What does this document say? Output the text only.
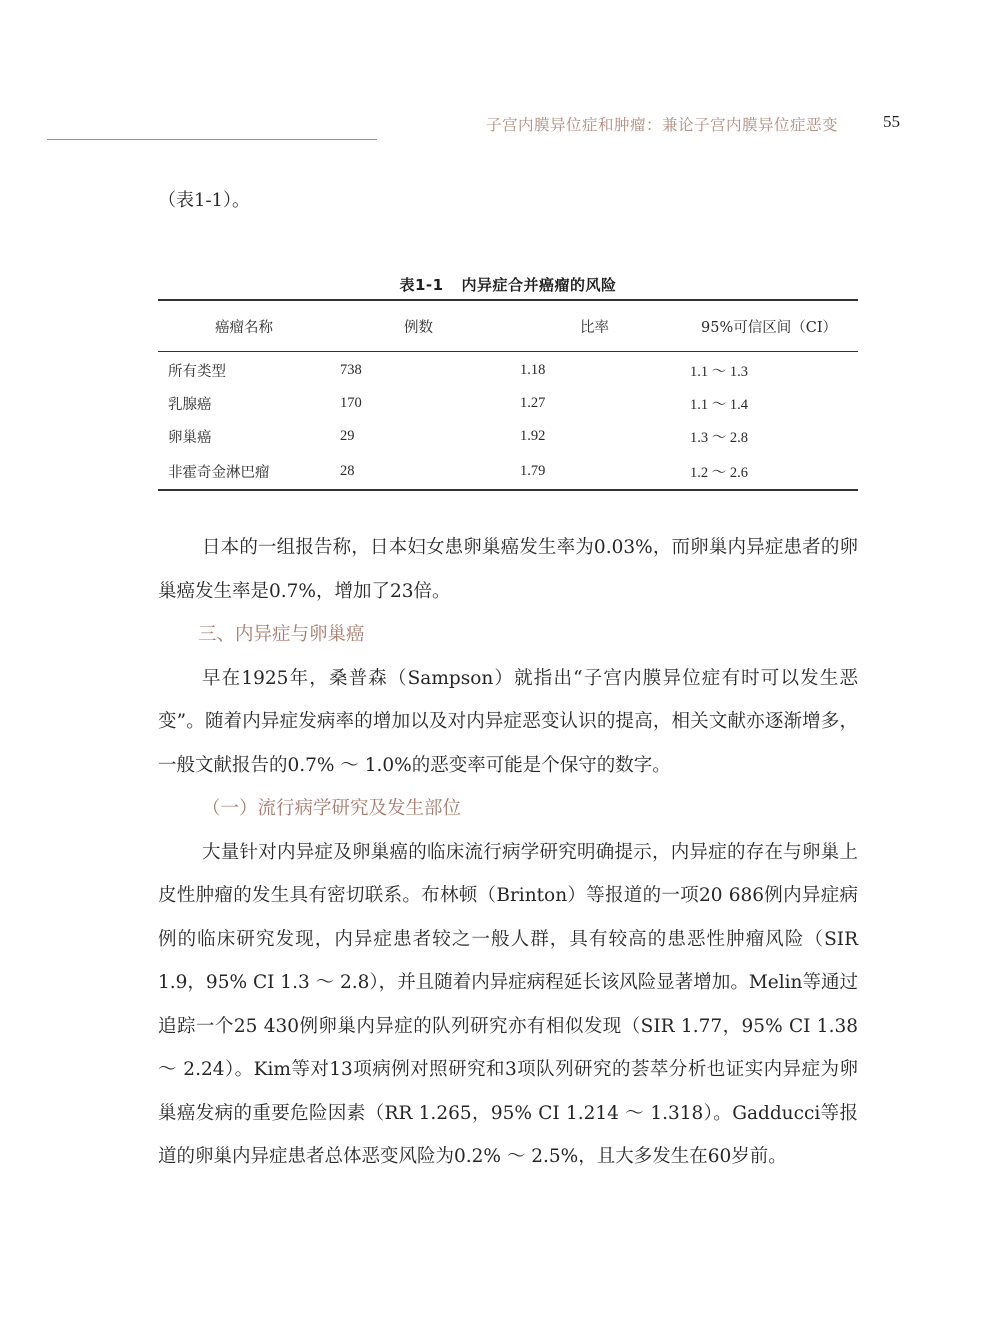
子宫内膜异位症和肿瘤：兼论子宫内膜异位症恶变	55
（表1-1）。
表1-1 内异症合并癌瘤的风险
癌瘤名称	例数	比率	95%可信区间（CI）
所有类型	738	1.18	1.1 ～ 1.3
乳腺癌	170	1.27	1.1 ～ 1.4
卵巢癌	29	1.92	1.3 ～ 2.8
非霍奇金淋巴瘤	28	1.79	1.2 ～ 2.6

日本的一组报告称，日本妇女患卵巢癌发生率为0.03%，而卵巢内异症患者的卵巢癌发生率是0.7%，增加了23倍。

三、内异症与卵巢癌

早在1925年，桑普森（Sampson）就指出“子宫内膜异位症有时可以发生恶变”。随着内异症发病率的增加以及对内异症恶变认识的提高，相关文献亦逐渐增多，一般文献报告的0.7% ～ 1.0%的恶变率可能是个保守的数字。

（一）流行病学研究及发生部位

大量针对内异症及卵巢癌的临床流行病学研究明确提示，内异症的存在与卵巢上皮性肿瘤的发生具有密切联系。布林顿（Brinton）等报道的一项20 686例内异症病例的临床研究发现，内异症患者较之一般人群，具有较高的患恶性肿瘤风险（SIR 1.9，95% CI 1.3 ～ 2.8），并且随着内异症病程延长该风险显著增加。Melin等通过追踪一个25 430例卵巢内异症的队列研究亦有相似发现（SIR 1.77，95% CI 1.38 ～ 2.24）。Kim等对13项病例对照研究和3项队列研究的荟萃分析也证实内异症为卵巢癌发病的重要危险因素（RR 1.265，95% CI 1.214 ～ 1.318）。Gadducci等报道的卵巢内异症患者总体恶变风险为0.2% ～ 2.5%，且大多发生在60岁前。
